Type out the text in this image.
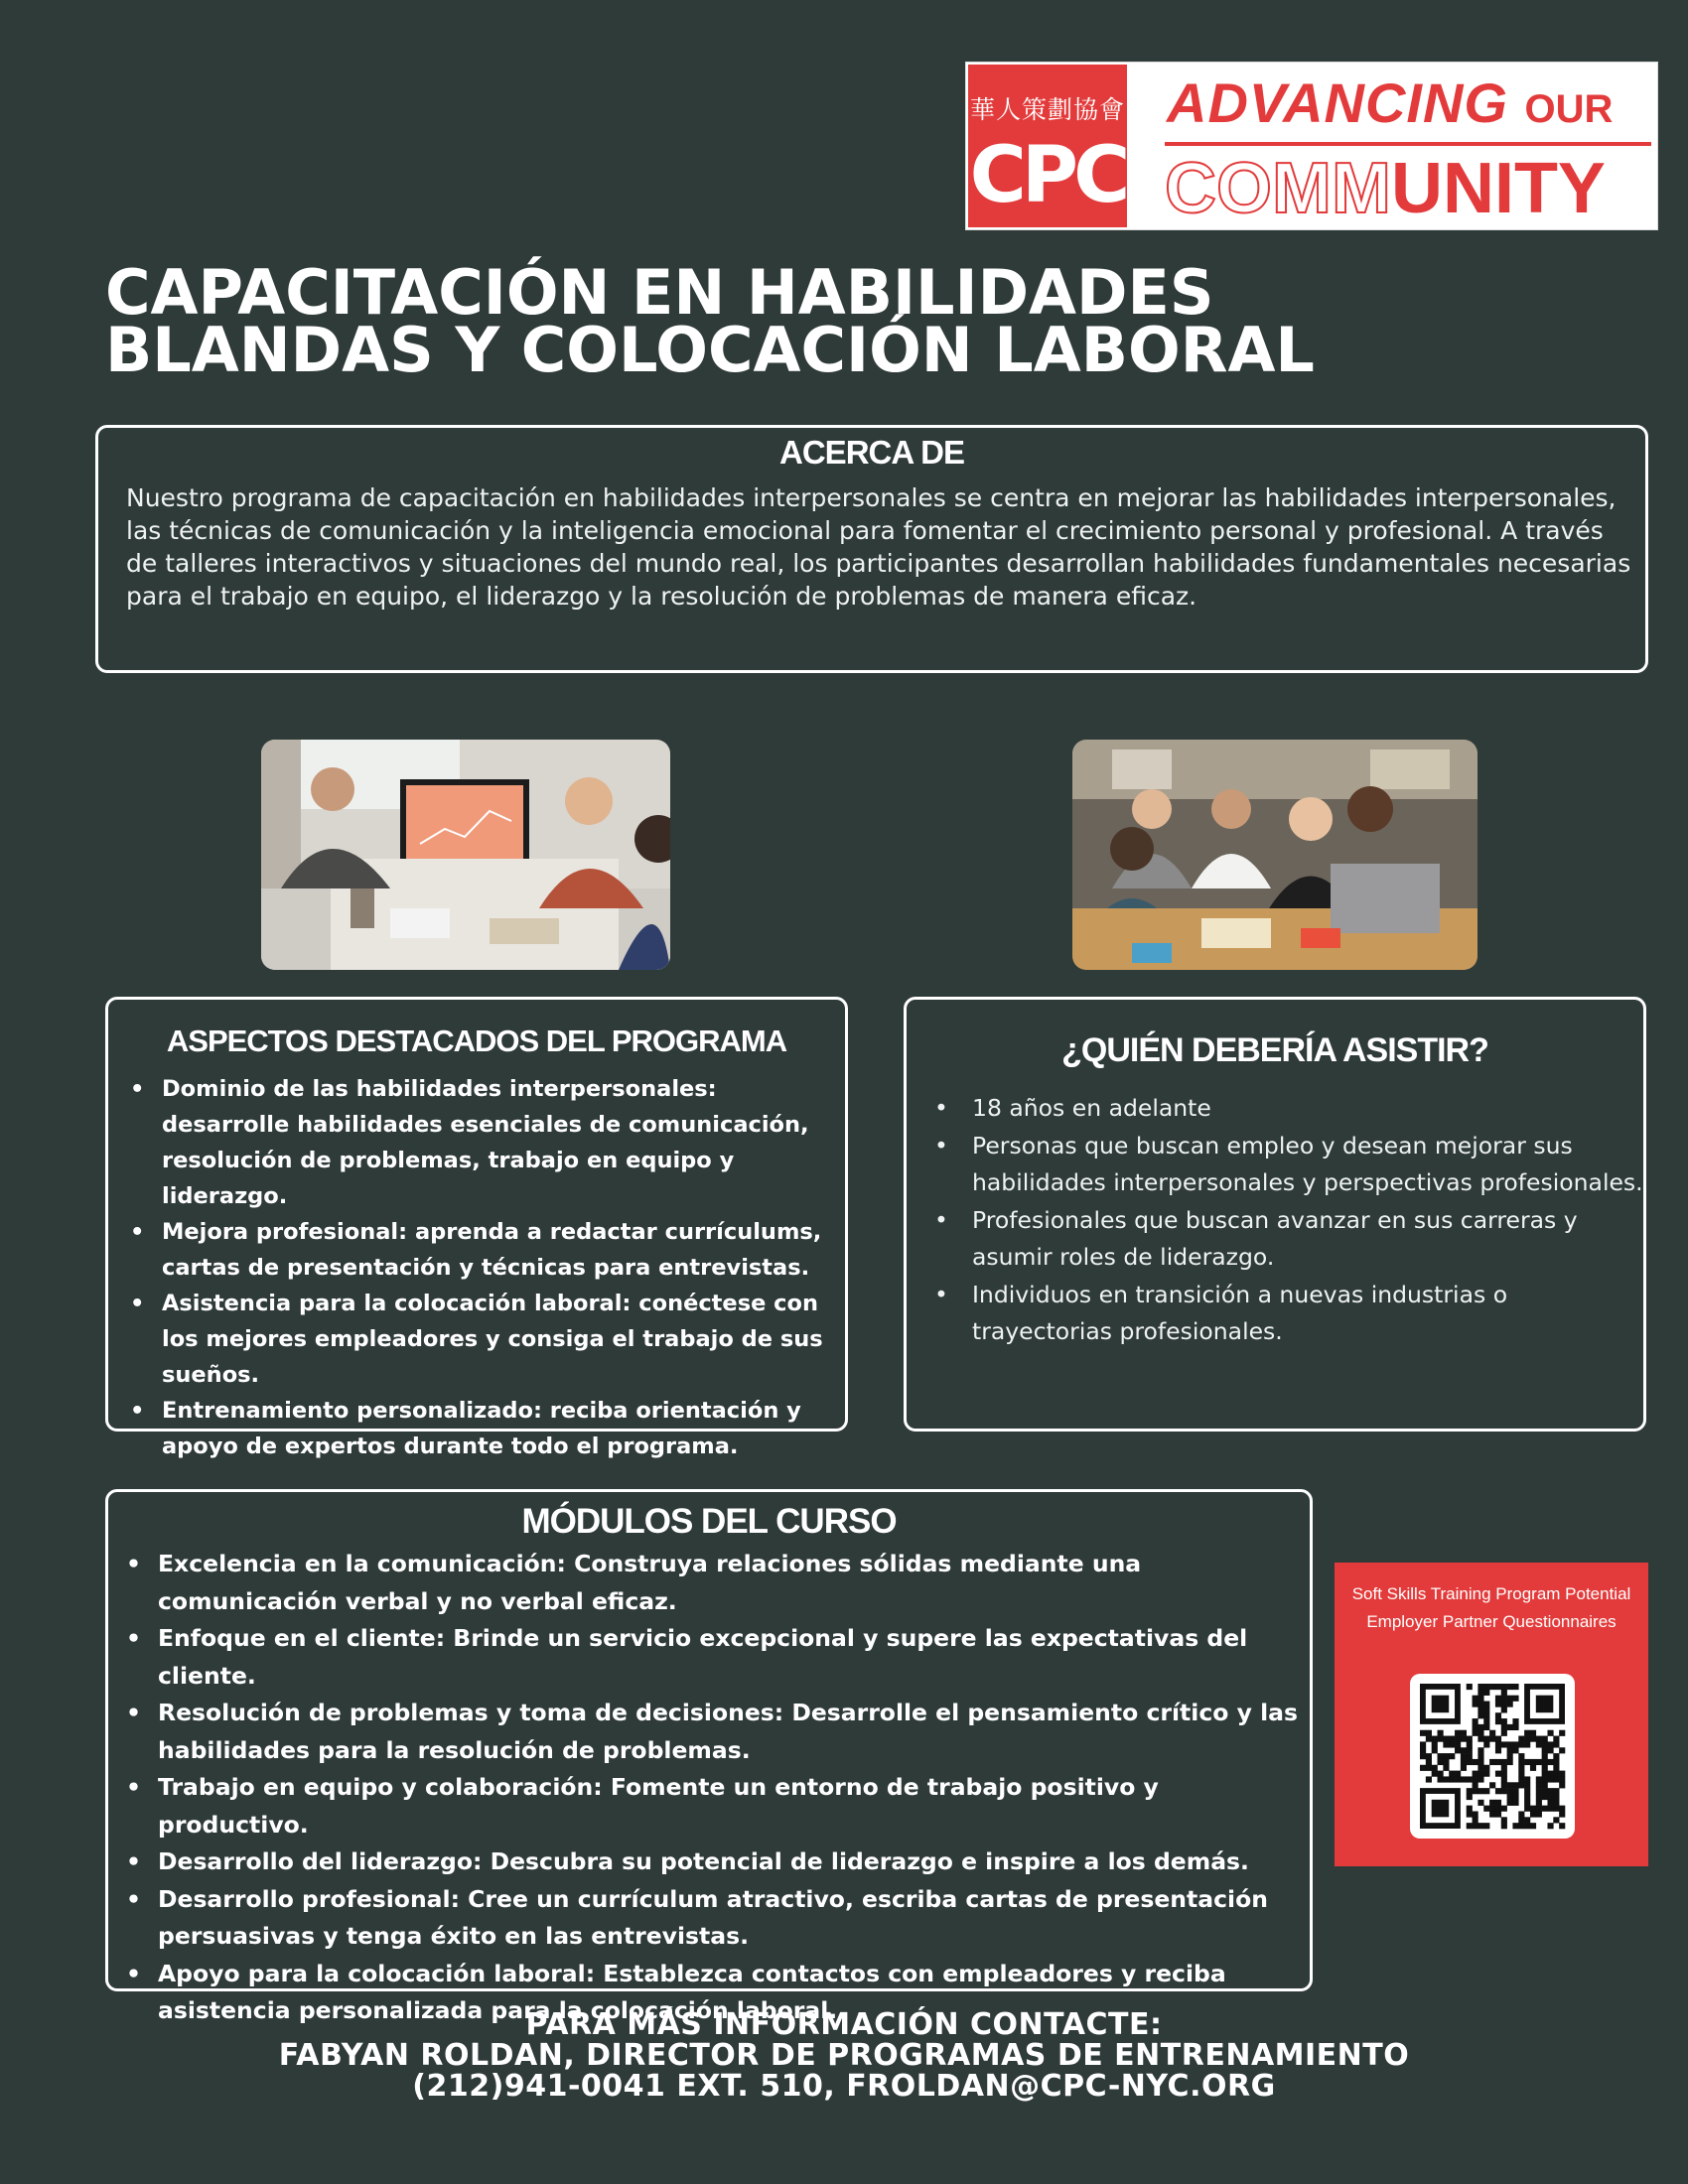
華人策劃協會
CPC
ADVANCING OUR
COMMUNITY
CAPACITACIÓN EN HABILIDADES
BLANDAS Y COLOCACIÓN LABORAL
ACERCA DE
Nuestro programa de capacitación en habilidades interpersonales se centra en mejorar las habilidades interpersonales, las técnicas de comunicación y la inteligencia emocional para fomentar el crecimiento personal y profesional. A través de talleres interactivos y situaciones del mundo real, los participantes desarrollan habilidades fundamentales necesarias para el trabajo en equipo, el liderazgo y la resolución de problemas de manera eficaz.
ASPECTOS DESTACADOS DEL PROGRAMA
• Dominio de las habilidades interpersonales: desarrolle habilidades esenciales de comunicación, resolución de problemas, trabajo en equipo y liderazgo.
• Mejora profesional: aprenda a redactar currículums, cartas de presentación y técnicas para entrevistas.
• Asistencia para la colocación laboral: conéctese con los mejores empleadores y consiga el trabajo de sus sueños.
• Entrenamiento personalizado: reciba orientación y apoyo de expertos durante todo el programa.
¿QUIÉN DEBERÍA ASISTIR?
• 18 años en adelante
• Personas que buscan empleo y desean mejorar sus habilidades interpersonales y perspectivas profesionales.
• Profesionales que buscan avanzar en sus carreras y asumir roles de liderazgo.
• Individuos en transición a nuevas industrias o trayectorias profesionales.
MÓDULOS DEL CURSO
• Excelencia en la comunicación: Construya relaciones sólidas mediante una comunicación verbal y no verbal eficaz.
• Enfoque en el cliente: Brinde un servicio excepcional y supere las expectativas del cliente.
• Resolución de problemas y toma de decisiones: Desarrolle el pensamiento crítico y las habilidades para la resolución de problemas.
• Trabajo en equipo y colaboración: Fomente un entorno de trabajo positivo y productivo.
• Desarrollo del liderazgo: Descubra su potencial de liderazgo e inspire a los demás.
• Desarrollo profesional: Cree un currículum atractivo, escriba cartas de presentación persuasivas y tenga éxito en las entrevistas.
• Apoyo para la colocación laboral: Establezca contactos con empleadores y reciba asistencia personalizada para la colocación laboral.
Soft Skills Training Program Potential Employer Partner Questionnaires
PARA MÁS INFORMACIÓN CONTACTE:
FABYAN ROLDAN, DIRECTOR DE PROGRAMAS DE ENTRENAMIENTO
(212)941-0041 EXT. 510, FROLDAN@CPC-NYC.ORG
